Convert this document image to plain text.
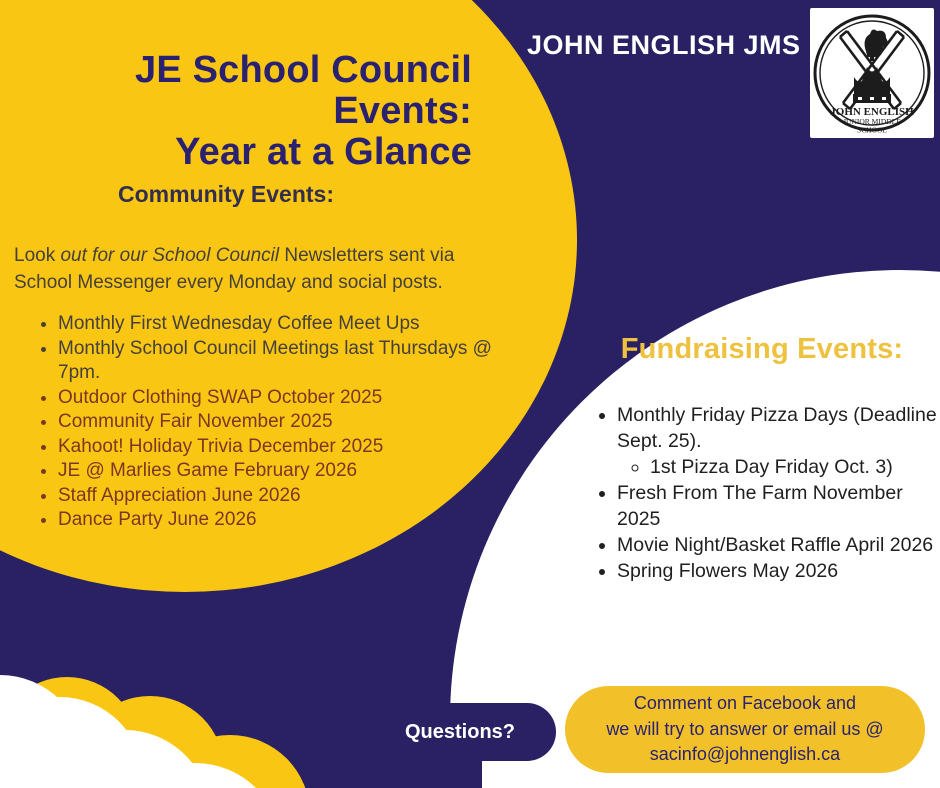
JOHN ENGLISH JMS
JOHN ENGLISH
JUNIOR MIDDLE
SCHOOL
JE School Council
Events:
Year at a Glance
Community Events:
Look out for our School Council Newsletters sent via School Messenger every Monday and social posts.
• Monthly First Wednesday Coffee Meet Ups
• Monthly School Council Meetings last Thursdays @ 7pm.
• Outdoor Clothing SWAP October 2025
• Community Fair November 2025
• Kahoot! Holiday Trivia December 2025
• JE @ Marlies Game February 2026
• Staff Appreciation June 2026
• Dance Party June 2026
Fundraising Events:
• Monthly Friday Pizza Days (Deadline Sept. 25).
◦ 1st Pizza Day Friday Oct. 3)
• Fresh From The Farm November 2025
• Movie Night/Basket Raffle April 2026
• Spring Flowers May 2026
Questions?
Comment on Facebook and
we will try to answer or email us @
sacinfo@johnenglish.ca
